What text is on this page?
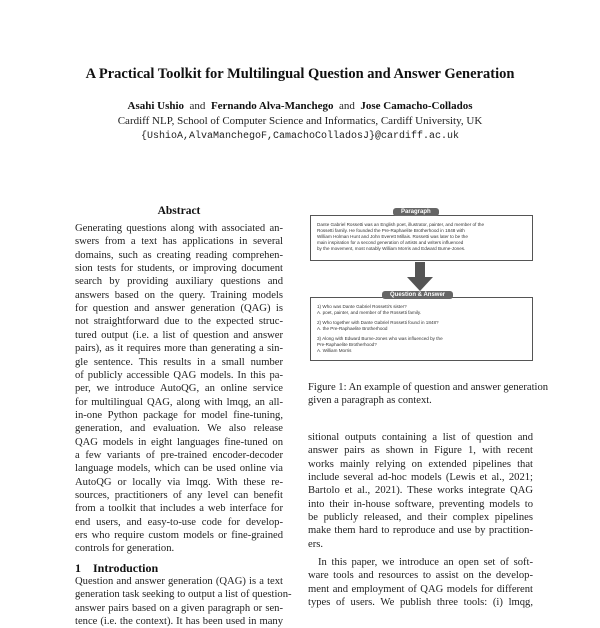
A Practical Toolkit for Multilingual Question and Answer Generation
Asahi Ushio and Fernando Alva-Manchego and Jose Camacho-Collados
Cardiff NLP, School of Computer Science and Informatics, Cardiff University, UK
{UshioA,AlvaManchegoF,CamachoColladosJ}@cardiff.ac.uk
Abstract
Generating questions along with associated an-
swers from a text has applications in several
domains, such as creating reading comprehen-
sion tests for students, or improving document
search by providing auxiliary questions and
answers based on the query. Training models
for question and answer generation (QAG) is
not straightforward due to the expected struc-
tured output (i.e. a list of question and answer
pairs), as it requires more than generating a sin-
gle sentence. This results in a small number
of publicly accessible QAG models. In this pa-
per, we introduce AutoQG, an online service
for multilingual QAG, along with lmqg, an all-
in-one Python package for model fine-tuning,
generation, and evaluation. We also release
QAG models in eight languages fine-tuned on
a few variants of pre-trained encoder-decoder
language models, which can be used online via
AutoQG or locally via lmqg. With these re-
sources, practitioners of any level can benefit
from a toolkit that includes a web interface for
end users, and easy-to-use code for develop-
ers who require custom models or fine-grained
controls for generation.
Question and answer generation (QAG) is a text
generation task seeking to output a list of question-
answer pairs based on a given paragraph or sen-
tence (i.e. the context). It has been used in many
1 Introduction
Dante Gabriel Rossetti was an English poet, illustrator, painter, and member of the
Rossetti family. He founded the Pre-Raphaelite Brotherhood in 1848 with
William Holman Hunt and John Everett Millais. Rossetti was later to be the
main inspiration for a second generation of artists and writers influenced
by the movement, most notably William Morris and Edward Burne-Jones.
Paragraph
1) Who was Dante Gabriel Rossetti's sister?
A. poet, painter, and member of the Rossetti family.
2) Who together with Dante Gabriel Rossetti found in 1848?
A. the Pre-Raphaelite Brotherhood
3) Along with Edward Burne-Jones who was influenced by the
Pre-Raphaelite Brotherhood?
A. William Morris
Question & Answer
Figure 1: An example of question and answer generation
given a paragraph as context.
sitional outputs containing a list of question and
answer pairs as shown in Figure 1, with recent
works mainly relying on extended pipelines that
include several ad-hoc models (Lewis et al., 2021;
Bartolo et al., 2021). These works integrate QAG
into their in-house software, preventing models to
be publicly released, and their complex pipelines
make them hard to reproduce and use by practition-
ers.
In this paper, we introduce an open set of soft-
ware tools and resources to assist on the develop-
ment and employment of QAG models for different
types of users. We publish three tools: (i) lmqg,
